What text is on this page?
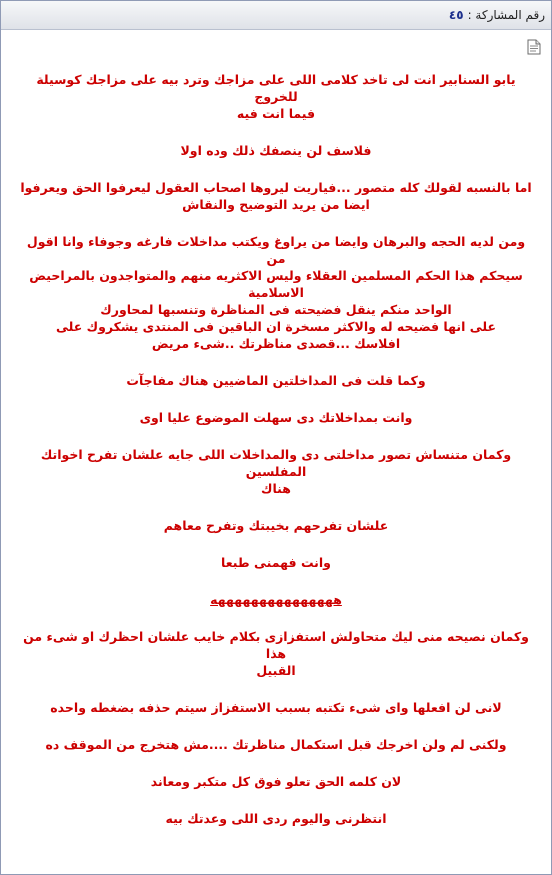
رقم المشاركة :
٤٥
يابو السنابير انت لى تاخد كلامى اللى على مزاجك وترد بيه على مزاجك كوسيلة للخروج
فيما انت فيه
فلاسف لن ينصفك ذلك وده اولا
اما بالنسبه لقولك كله متصور ...فياريت ليروها اصحاب العقول ليعرفوا الحق ويعرفوا
ايضا من يريد التوضيح والنقاش
ومن لديه الحجه والبرهان وايضا من يراوغ ويكتب مداخلات فارغه وجوفاء وانا اقول من
سيحكم هذا الحكم المسلمين العقلاء وليس الاكثريه منهم والمتواجدون بالمراحيض الاسلامية
الواحد منكم ينقل فضيحته فى المناظرة وتنسبها لمحاورك
على انها فضيحه له والاكثر مسخرة ان الباقين فى المنتدى يشكروك على
افلاسك ...قصدى مناظرتك ..شىء مريض
وكما قلت فى المداخلتين الماضيين هناك مفاجآت
وانت بمداخلاتك دى سهلت الموضوع عليا اوى
وكمان متنساش تصور مداخلتى دى والمداخلات اللى جايه علشان تفرح اخواتك المفلسين
هناك
علشان تفرحهم بخيبتك وتفرح معاهم
وانت فهمنى طبعا
هههههههههههههههه
وكمان نصيحه منى ليك متحاولش استفزازى بكلام خايب علشان احظرك او شىء من هذا
القبيل
لانى لن افعلها واى شىء تكتبه بسبب الاستفزاز سيتم حذفه بضغطه واحده
ولكنى لم ولن اخرجك قبل استكمال مناظرتك ....مش هتخرج من الموقف ده
لان كلمه الحق تعلو فوق كل متكبر ومعاند
انتظرنى واليوم ردى اللى وعدتك بيه
